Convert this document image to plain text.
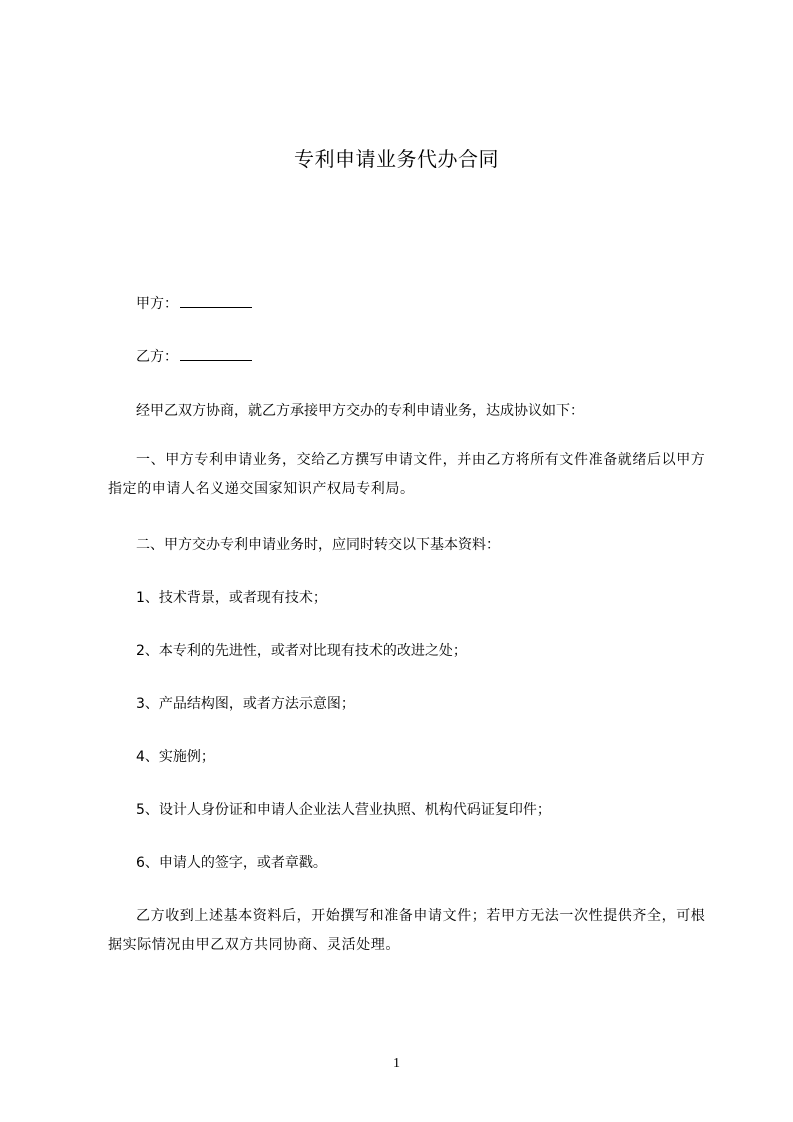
专利申请业务代办合同
甲方：
乙方：
经甲乙双方协商，就乙方承接甲方交办的专利申请业务，达成协议如下：
一、甲方专利申请业务，交给乙方撰写申请文件，并由乙方将所有文件准备就绪后以甲方指定的申请人名义递交国家知识产权局专利局。
二、甲方交办专利申请业务时，应同时转交以下基本资料：
1、技术背景，或者现有技术；
2、本专利的先进性，或者对比现有技术的改进之处；
3、产品结构图，或者方法示意图；
4、实施例；
5、设计人身份证和申请人企业法人营业执照、机构代码证复印件；
6、申请人的签字，或者章戳。
乙方收到上述基本资料后，开始撰写和准备申请文件；若甲方无法一次性提供齐全，可根据实际情况由甲乙双方共同协商、灵活处理。
1
